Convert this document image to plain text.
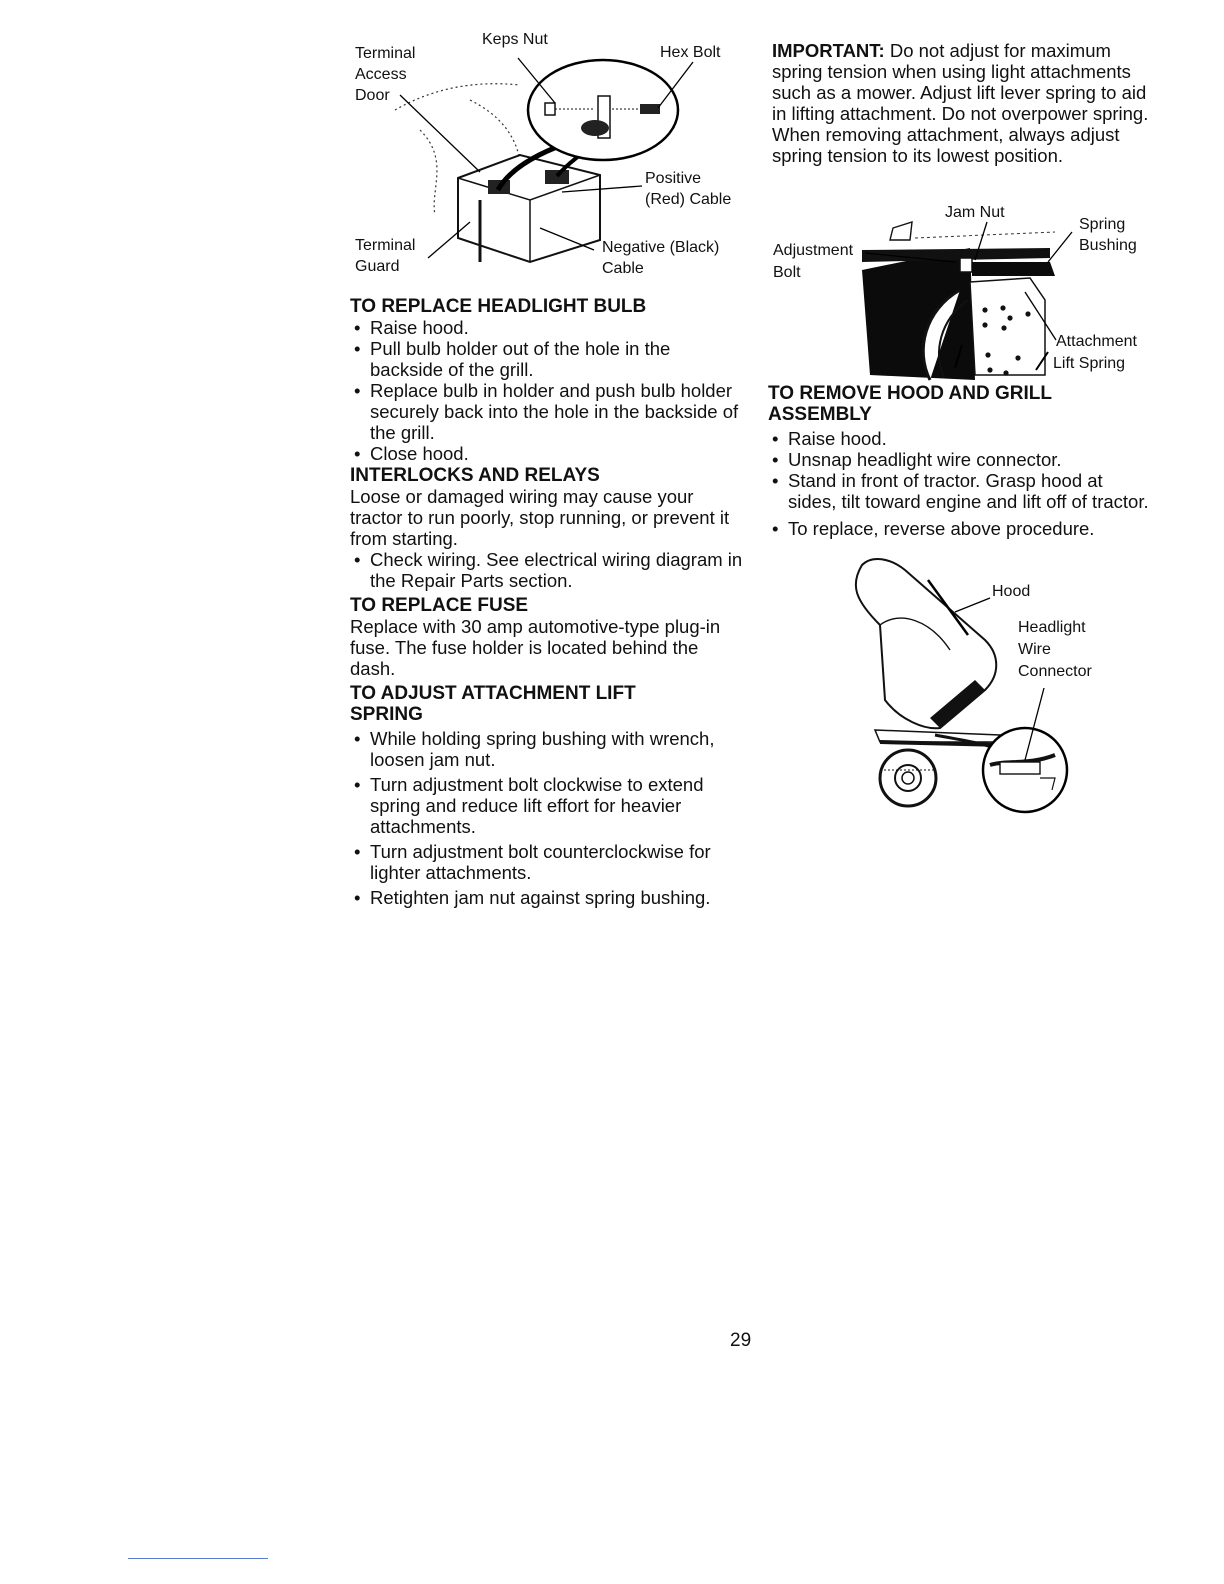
Terminal
Access
Door
Keps Nut
Hex Bolt
Positive
(Red) Cable
Terminal
Guard
Negative (Black)
Cable
TO REPLACE HEADLIGHT BULB
• Raise hood.
• Pull bulb holder out of the hole in the backside of the grill.
• Replace bulb in holder and push bulb holder securely back into the hole in the backside of the grill.
• Close hood.
INTERLOCKS AND RELAYS

Loose or damaged wiring may cause your tractor to run poorly, stop running, or prevent it from starting.

• Check wiring. See electrical wiring diagram in the Repair Parts section.
TO REPLACE FUSE

Replace with 30 amp automotive-type plug-in fuse. The fuse holder is located behind the dash.

TO ADJUST ATTACHMENT LIFT SPRING
• While holding spring bushing with wrench, loosen jam nut.
• Turn adjustment bolt clockwise to extend spring and reduce lift effort for heavier attachments.
• Turn adjustment bolt counterclockwise for lighter attachments.
• Retighten jam nut against spring bushing.

IMPORTANT: Do not adjust for maximum spring tension when using light attachments such as a mower. Adjust lift lever spring to aid in lifting attachment. Do not overpower spring. When removing attachment, always adjust spring tension to its lowest position.

Jam Nut
Spring
Bushing
Adjustment
Bolt
Attachment
Lift Spring
TO REMOVE HOOD AND GRILL ASSEMBLY
• Raise hood.
• Unsnap headlight wire connector.
• Stand in front of tractor. Grasp hood at sides, tilt toward engine and lift off of tractor.
• To replace, reverse above procedure.
Hood
Headlight
Wire
Connector
29
